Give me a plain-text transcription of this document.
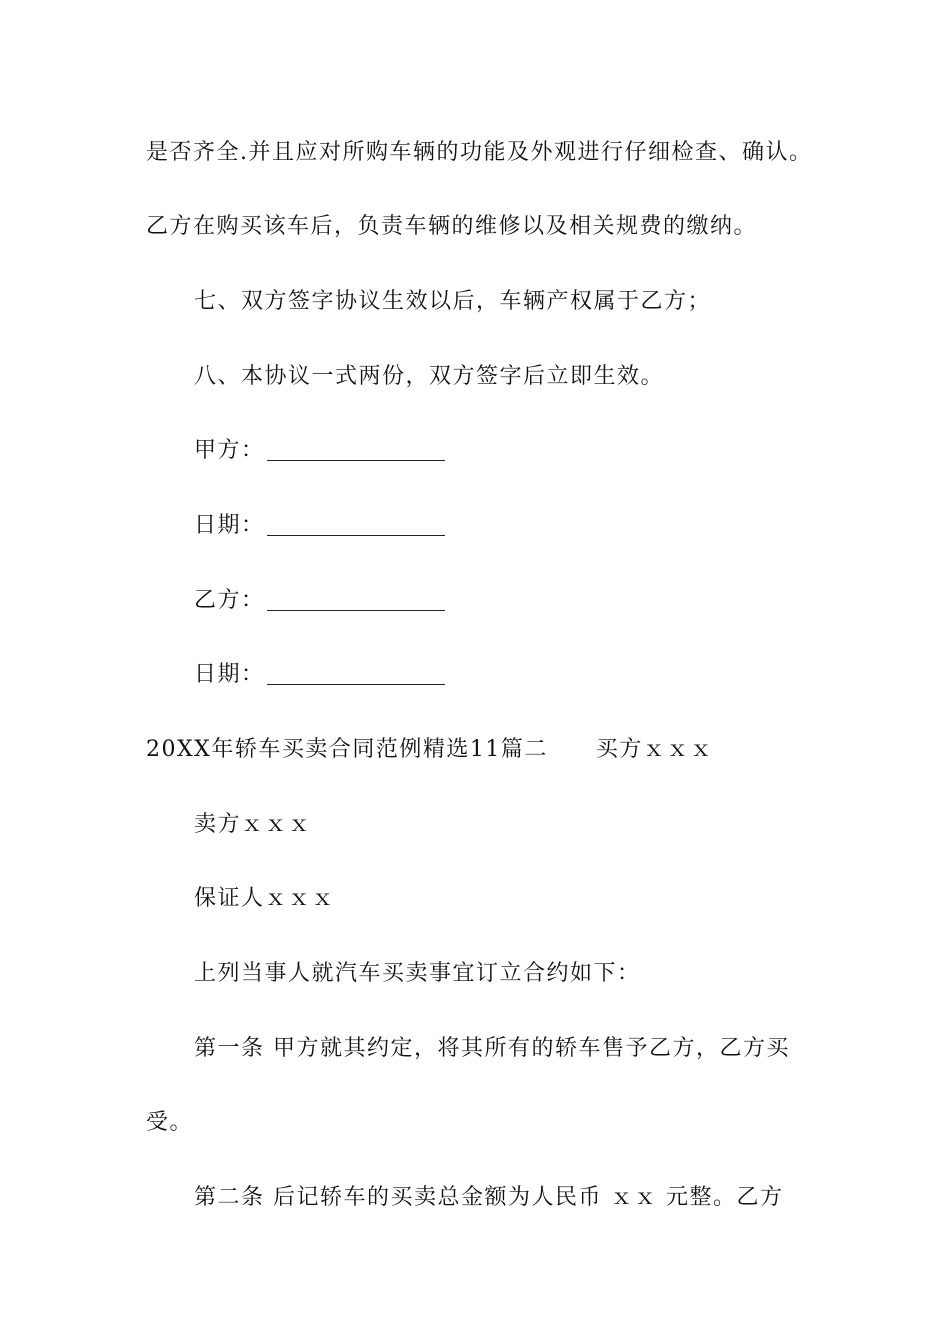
是否齐全.并且应对所购车辆的功能及外观进行仔细检查、确认。
乙方在购买该车后，负责车辆的维修以及相关规费的缴纳。
七、双方签字协议生效以后，车辆产权属于乙方；
八、本协议一式两份，双方签字后立即生效。
甲方：
日期：
乙方：
日期：
20XX年轿车买卖合同范例精选11篇二 买方ｘｘｘ
卖方ｘｘｘ
保证人ｘｘｘ
上列当事人就汽车买卖事宜订立合约如下：
第一条 甲方就其约定，将其所有的轿车售予乙方，乙方买
受。
第二条 后记轿车的买卖总金额为人民币 ｘｘ 元整。乙方
